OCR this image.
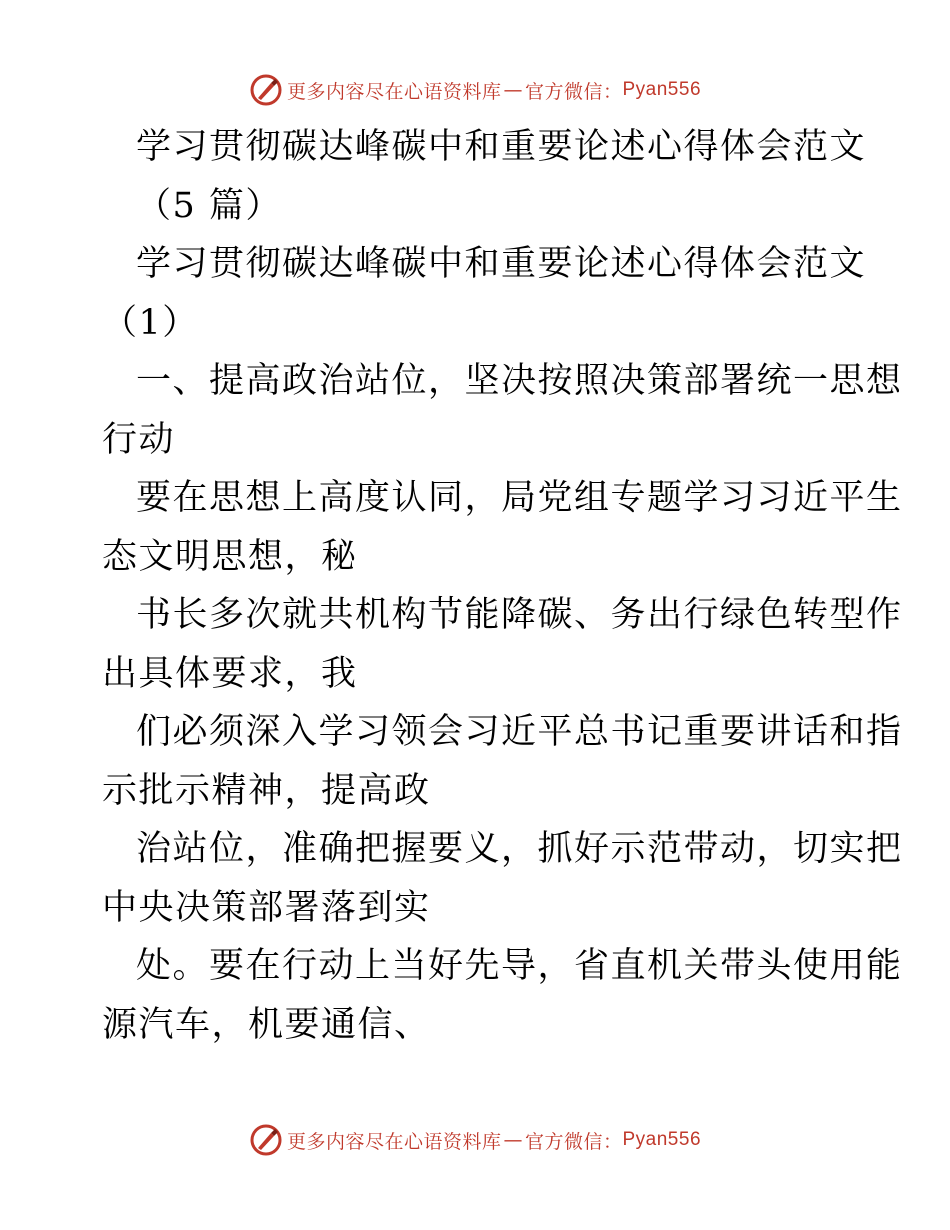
更多内容尽在心语资料库 — 官方微信： Pyan556
学习贯彻碳达峰碳中和重要论述心得体会范文
（5 篇）
学习贯彻碳达峰碳中和重要论述心得体会范文
（1）
一、提高政治站位，坚决按照决策部署统一思想
行动
要在思想上高度认同，局党组专题学习习近平生
态文明思想，秘
书长多次就共机构节能降碳、务出行绿色转型作
出具体要求，我
们必须深入学习领会习近平总书记重要讲话和指
示批示精神，提高政
治站位，准确把握要义，抓好示范带动，切实把
中央决策部署落到实
处。要在行动上当好先导，省直机关带头使用能
源汽车，机要通信、
更多内容尽在心语资料库 — 官方微信： Pyan556
